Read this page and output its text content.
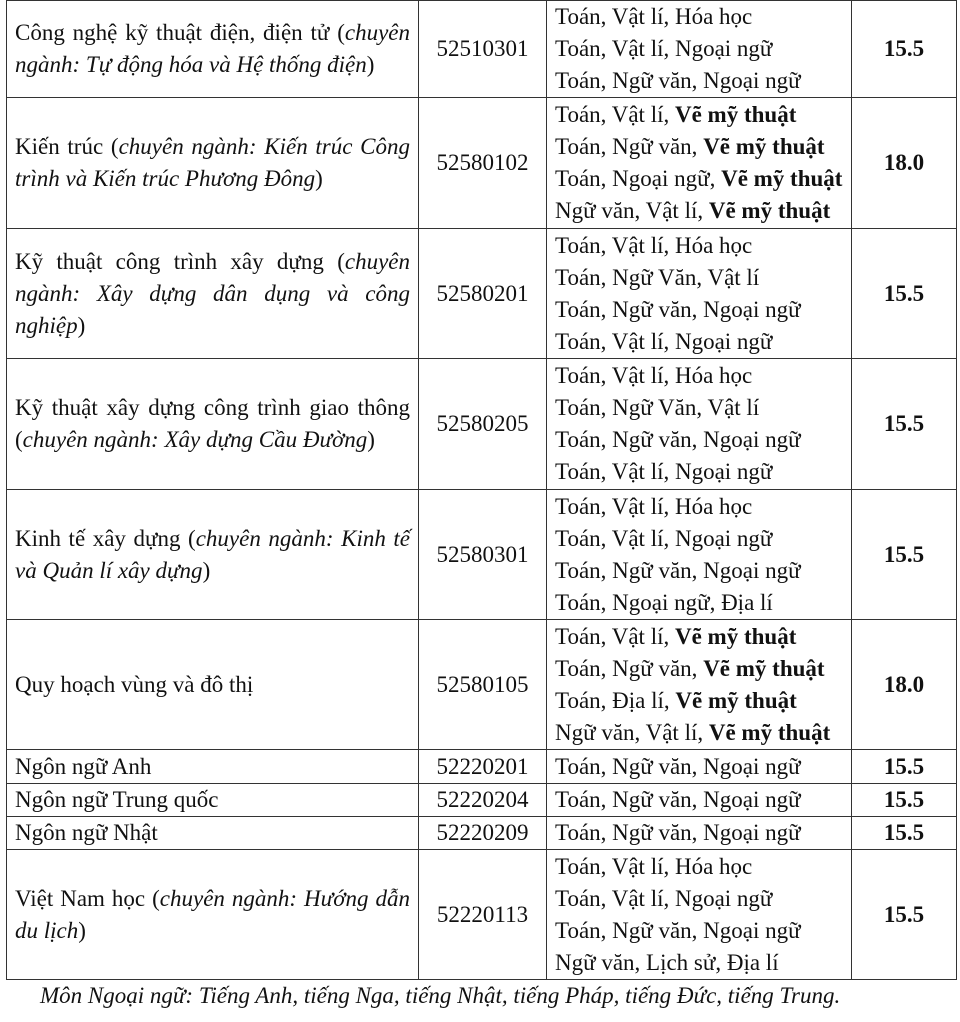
Công nghệ kỹ thuật điện, điện tử (chuyên ngành: Tự động hóa và Hệ thống điện)	52510301	Toán, Vật lí, Hóa học
Toán, Vật lí, Ngoại ngữ
Toán, Ngữ văn, Ngoại ngữ	15.5
Kiến trúc (chuyên ngành: Kiến trúc Công trình và Kiến trúc Phương Đông)	52580102	Toán, Vật lí, Vẽ mỹ thuật
Toán, Ngữ văn, Vẽ mỹ thuật
Toán, Ngoại ngữ, Vẽ mỹ thuật
Ngữ văn, Vật lí, Vẽ mỹ thuật	18.0
Kỹ thuật công trình xây dựng (chuyên ngành: Xây dựng dân dụng và công nghiệp)	52580201	Toán, Vật lí, Hóa học
Toán, Ngữ Văn, Vật lí
Toán, Ngữ văn, Ngoại ngữ
Toán, Vật lí, Ngoại ngữ	15.5
Kỹ thuật xây dựng công trình giao thông (chuyên ngành: Xây dựng Cầu Đường)	52580205	Toán, Vật lí, Hóa học
Toán, Ngữ Văn, Vật lí
Toán, Ngữ văn, Ngoại ngữ
Toán, Vật lí, Ngoại ngữ	15.5
Kinh tế xây dựng (chuyên ngành: Kinh tế và Quản lí xây dựng)	52580301	Toán, Vật lí, Hóa học
Toán, Vật lí, Ngoại ngữ
Toán, Ngữ văn, Ngoại ngữ
Toán, Ngoại ngữ, Địa lí	15.5
Quy hoạch vùng và đô thị	52580105	Toán, Vật lí, Vẽ mỹ thuật
Toán, Ngữ văn, Vẽ mỹ thuật
Toán, Địa lí, Vẽ mỹ thuật
Ngữ văn, Vật lí, Vẽ mỹ thuật	18.0
Ngôn ngữ Anh	52220201	Toán, Ngữ văn, Ngoại ngữ	15.5
Ngôn ngữ Trung quốc	52220204	Toán, Ngữ văn, Ngoại ngữ	15.5
Ngôn ngữ Nhật	52220209	Toán, Ngữ văn, Ngoại ngữ	15.5
Việt Nam học (chuyên ngành: Hướng dẫn du lịch)	52220113	Toán, Vật lí, Hóa học
Toán, Vật lí, Ngoại ngữ
Toán, Ngữ văn, Ngoại ngữ
Ngữ văn, Lịch sử, Địa lí	15.5
Môn Ngoại ngữ: Tiếng Anh, tiếng Nga, tiếng Nhật, tiếng Pháp, tiếng Đức, tiếng Trung.
